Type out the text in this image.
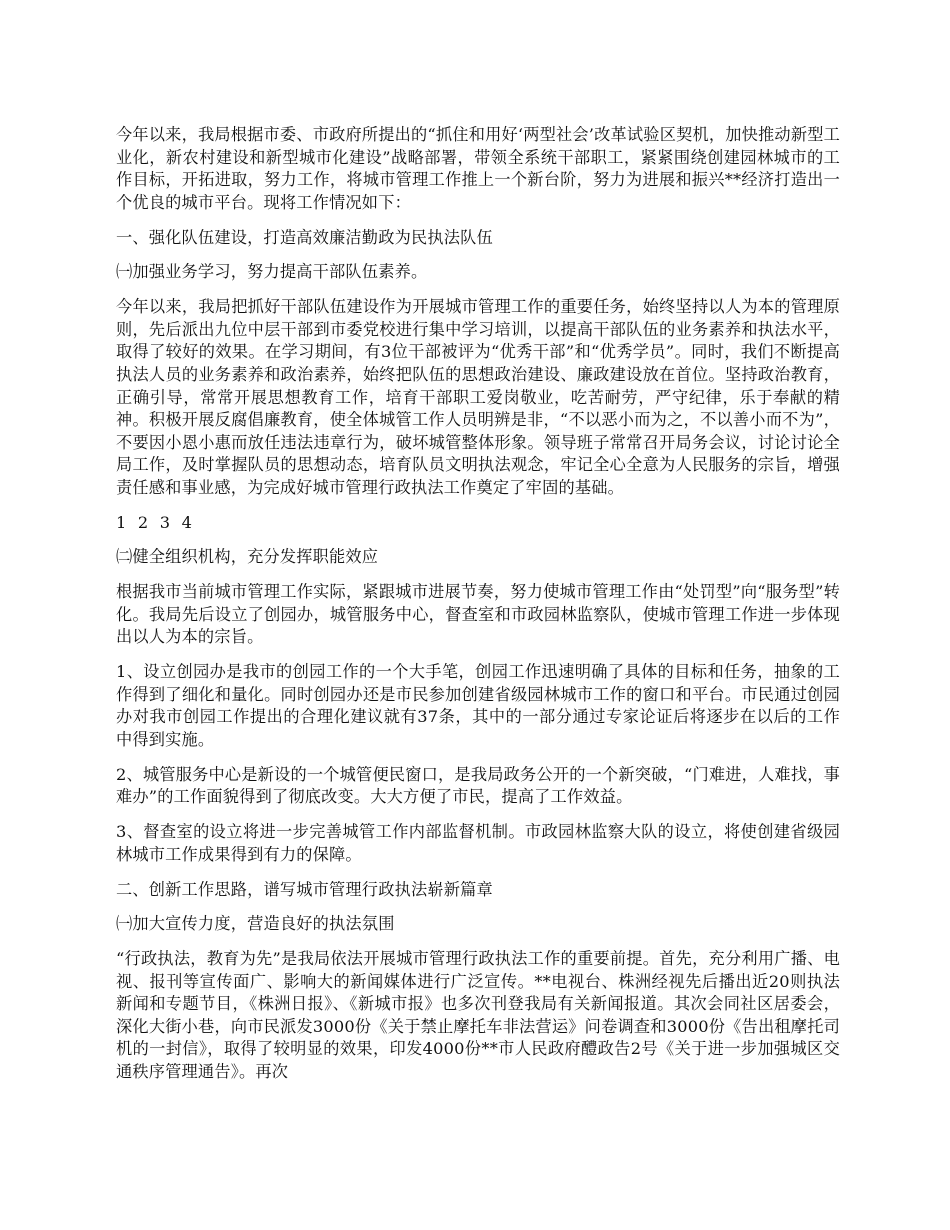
今年以来，我局根据市委、市政府所提出的“抓住和用好‘两型社会’改革试验区契机，加快推动新型工业化，新农村建设和新型城市化建设”战略部署，带领全系统干部职工，紧紧围绕创建园林城市的工作目标，开拓进取，努力工作，将城市管理工作推上一个新台阶，努力为进展和振兴**经济打造出一个优良的城市平台。现将工作情况如下：

一、强化队伍建设，打造高效廉洁勤政为民执法队伍

㈠加强业务学习，努力提高干部队伍素养。

今年以来，我局把抓好干部队伍建设作为开展城市管理工作的重要任务，始终坚持以人为本的管理原则，先后派出九位中层干部到市委党校进行集中学习培训，以提高干部队伍的业务素养和执法水平，取得了较好的效果。在学习期间，有3位干部被评为“优秀干部”和“优秀学员”。同时，我们不断提高执法人员的业务素养和政治素养，始终把队伍的思想政治建设、廉政建设放在首位。坚持政治教育，正确引导，常常开展思想教育工作，培育干部职工爱岗敬业，吃苦耐劳，严守纪律，乐于奉献的精神。积极开展反腐倡廉教育，使全体城管工作人员明辨是非，“不以恶小而为之，不以善小而不为”，不要因小恩小惠而放任违法违章行为，破坏城管整体形象。领导班子常常召开局务会议，讨论讨论全局工作，及时掌握队员的思想动态，培育队员文明执法观念，牢记全心全意为人民服务的宗旨，增强责任感和事业感，为完成好城市管理行政执法工作奠定了牢固的基础。

1 2 3 4

㈡健全组织机构，充分发挥职能效应

根据我市当前城市管理工作实际，紧跟城市进展节奏，努力使城市管理工作由“处罚型”向“服务型”转化。我局先后设立了创园办，城管服务中心，督查室和市政园林监察队，使城市管理工作进一步体现出以人为本的宗旨。

1、设立创园办是我市的创园工作的一个大手笔，创园工作迅速明确了具体的目标和任务，抽象的工作得到了细化和量化。同时创园办还是市民参加创建省级园林城市工作的窗口和平台。市民通过创园办对我市创园工作提出的合理化建议就有37条，其中的一部分通过专家论证后将逐步在以后的工作中得到实施。

2、城管服务中心是新设的一个城管便民窗口，是我局政务公开的一个新突破，“门难进，人难找，事难办”的工作面貌得到了彻底改变。大大方便了市民，提高了工作效益。

3、督查室的设立将进一步完善城管工作内部监督机制。市政园林监察大队的设立，将使创建省级园林城市工作成果得到有力的保障。

二、创新工作思路，谱写城市管理行政执法崭新篇章

㈠加大宣传力度，营造良好的执法氛围

“行政执法，教育为先”是我局依法开展城市管理行政执法工作的重要前提。首先，充分利用广播、电视、报刊等宣传面广、影响大的新闻媒体进行广泛宣传。**电视台、株洲经视先后播出近20则执法新闻和专题节目，《株洲日报》、《新城市报》也多次刊登我局有关新闻报道。其次会同社区居委会，深化大街小巷，向市民派发3000份《关于禁止摩托车非法营运》问卷调查和3000份《告出租摩托司机的一封信》，取得了较明显的效果，印发4000份**市人民政府醴政告2号《关于进一步加强城区交通秩序管理通告》。再次
